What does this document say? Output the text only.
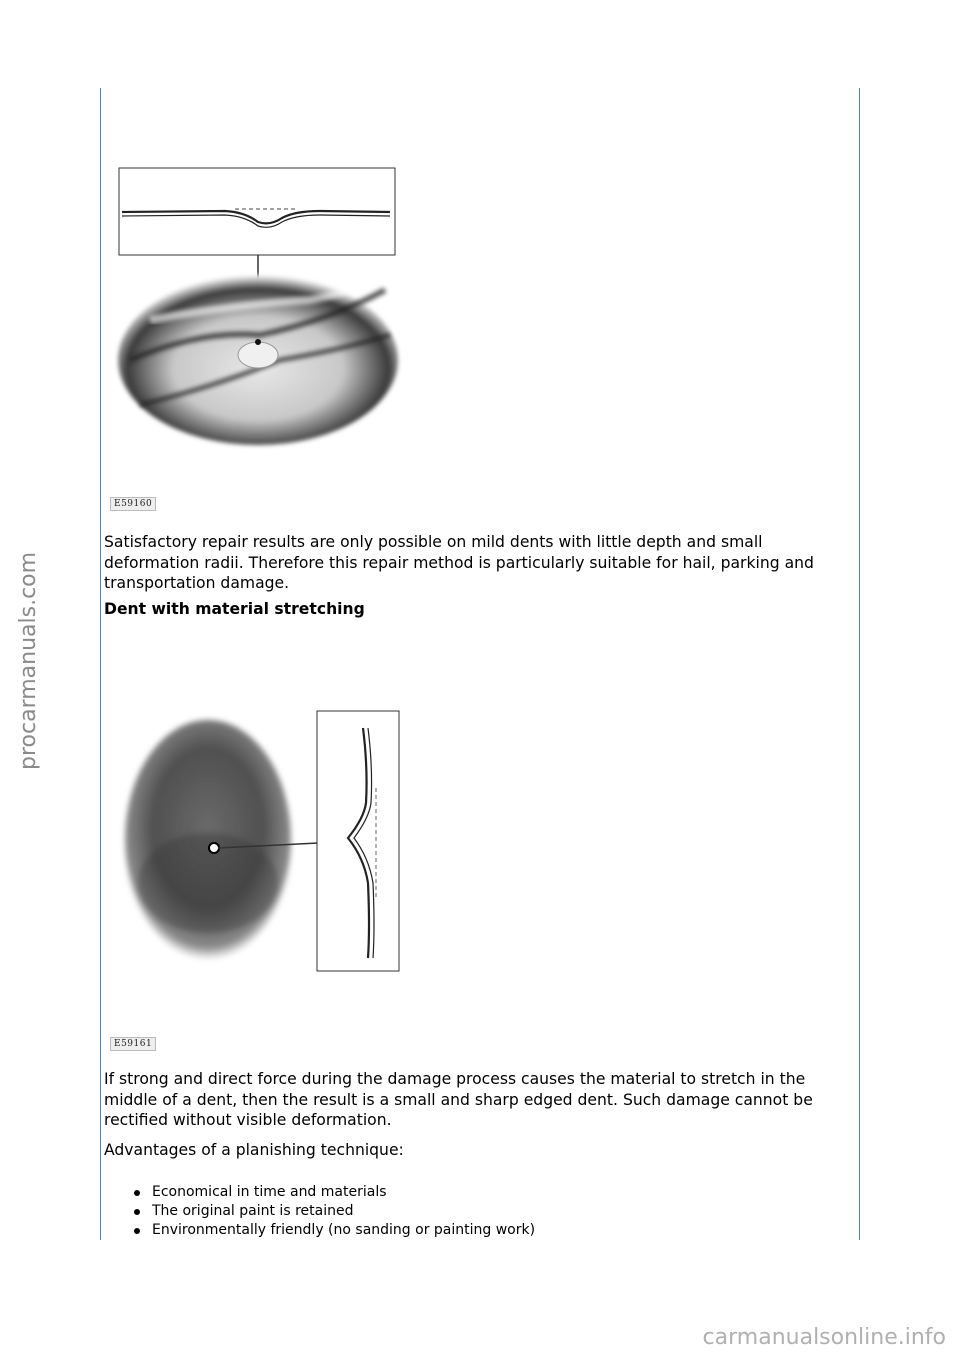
procarmanuals.com
E59160

Satisfactory repair results are only possible on mild dents with little depth and small deformation radii. Therefore this repair method is particularly suitable for hail, parking and transportation damage.

Dent with material stretching
E59161

If strong and direct force during the damage process causes the material to stretch in the middle of a dent, then the result is a small and sharp edged dent. Such damage cannot be rectified without visible deformation.

Advantages of a planishing technique:

Economical in time and materials
The original paint is retained
Environmentally friendly (no sanding or painting work)
carmanualsonline.info
